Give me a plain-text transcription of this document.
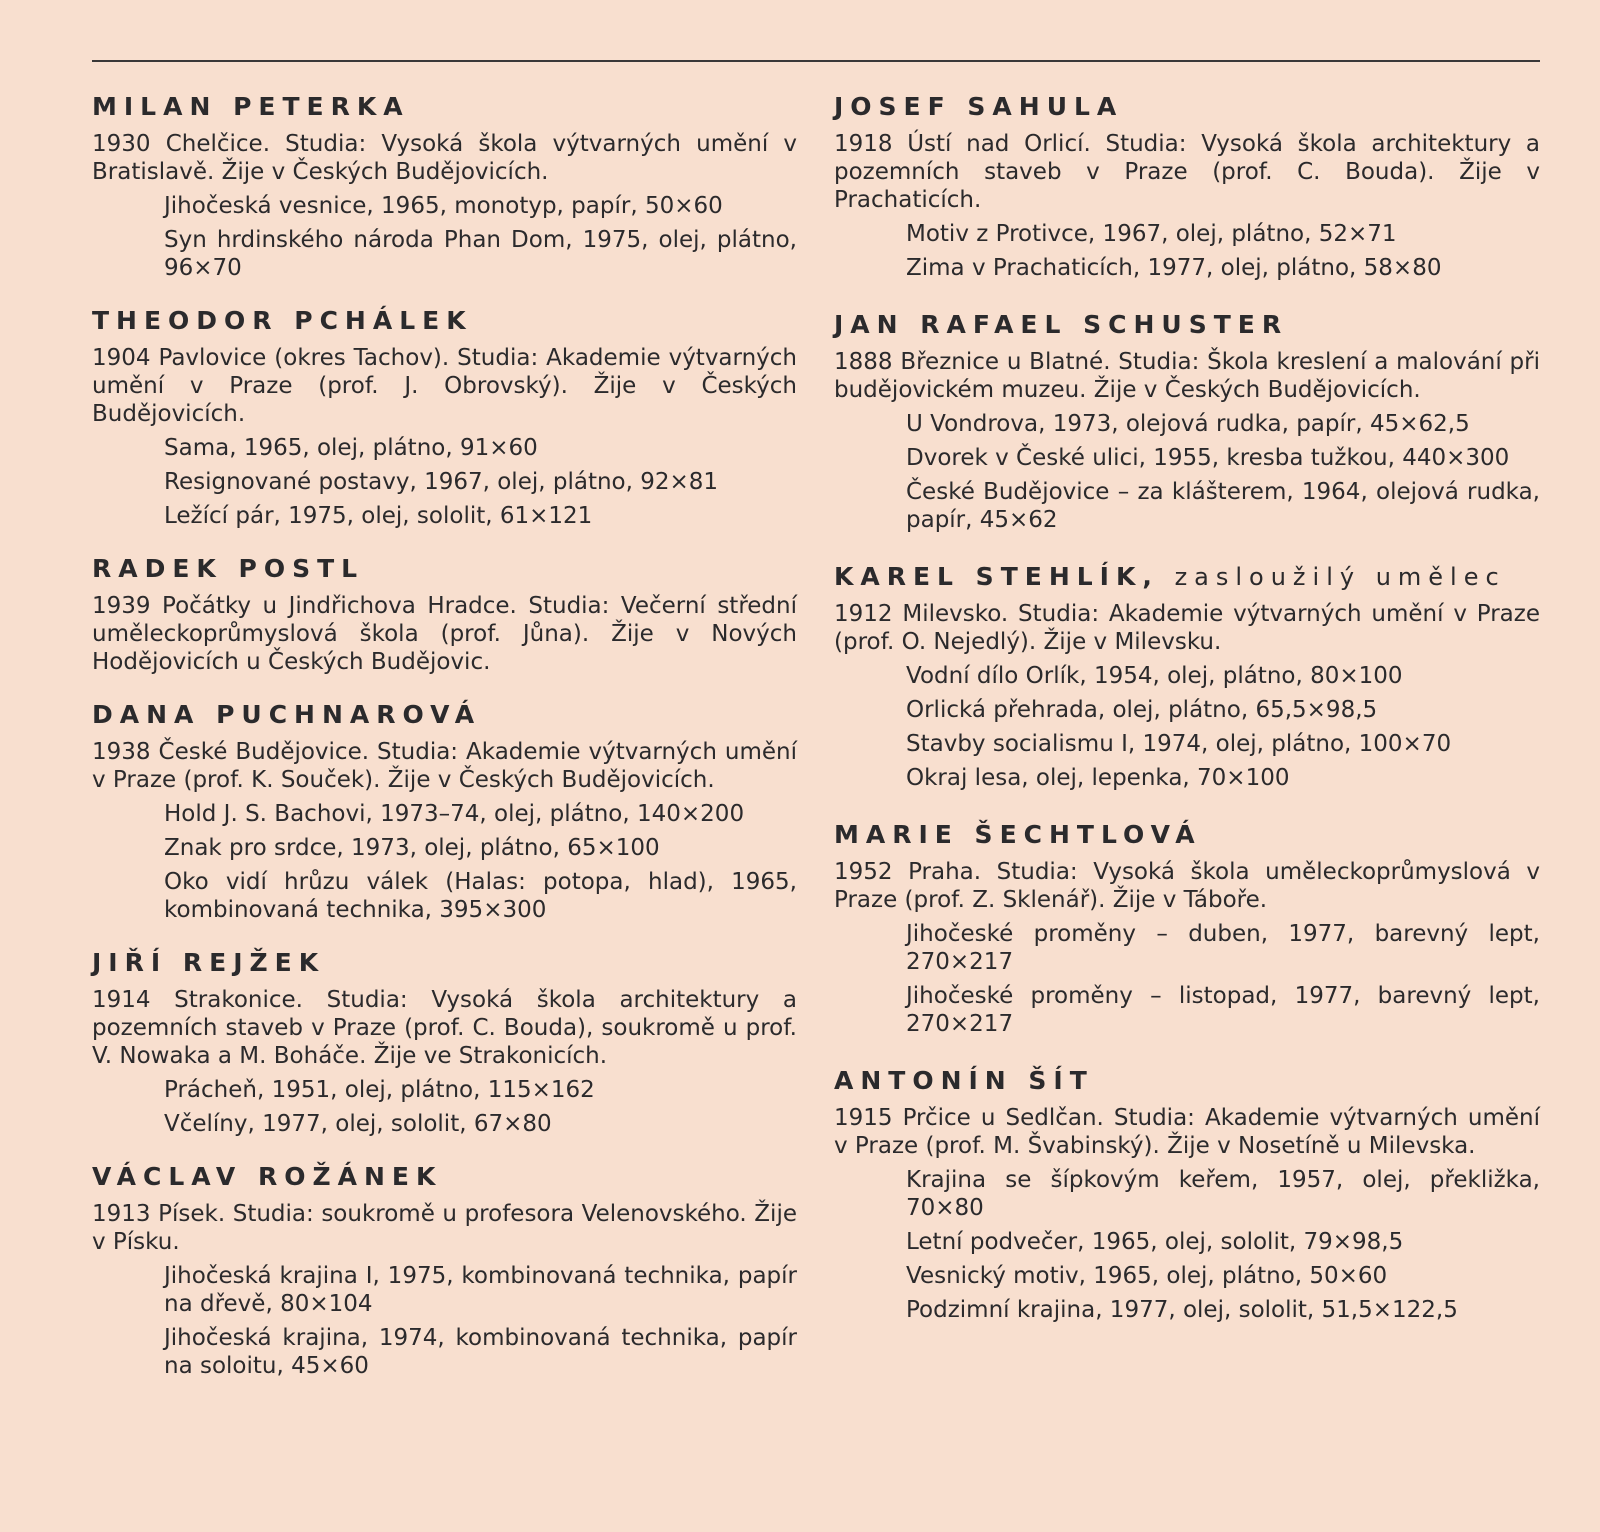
MILAN PETERKA

1930 Chelčice. Studia: Vysoká škola výtvarných umění v Bratislavě. Žije v Českých Budějovicích.

Jihočeská vesnice, 1965, monotyp, papír, 50×60
Syn hrdinského národa Phan Dom, 1975, olej, plátno, 96×70
THEODOR PCHÁLEK

1904 Pavlovice (okres Tachov). Studia: Akademie výtvarných umění v Praze (prof. J. Obrovský). Žije v Českých Budějovicích.

Sama, 1965, olej, plátno, 91×60
Resignované postavy, 1967, olej, plátno, 92×81
Ležící pár, 1975, olej, sololit, 61×121
RADEK POSTL

1939 Počátky u Jindřichova Hradce. Studia: Večerní střední uměleckoprůmyslová škola (prof. Jůna). Žije v Nových Hodějovicích u Českých Budějovic.

DANA PUCHNAROVÁ

1938 České Budějovice. Studia: Akademie výtvarných umění v Praze (prof. K. Souček). Žije v Českých Budějovicích.

Hold J. S. Bachovi, 1973–74, olej, plátno, 140×200
Znak pro srdce, 1973, olej, plátno, 65×100
Oko vidí hrůzu válek (Halas: potopa, hlad), 1965, kombinovaná technika, 395×300
JIŘÍ REJŽEK

1914 Strakonice. Studia: Vysoká škola architektury a pozemních staveb v Praze (prof. C. Bouda), soukromě u prof. V. Nowaka a M. Boháče. Žije ve Strakonicích.

Prácheň, 1951, olej, plátno, 115×162
Včelíny, 1977, olej, sololit, 67×80
VÁCLAV ROŽÁNEK

1913 Písek. Studia: soukromě u profesora Velenovského. Žije v Písku.

Jihočeská krajina I, 1975, kombinovaná technika, papír na dřevě, 80×104
Jihočeská krajina, 1974, kombinovaná technika, papír na soloitu, 45×60
JOSEF SAHULA

1918 Ústí nad Orlicí. Studia: Vysoká škola architektury a pozemních staveb v Praze (prof. C. Bouda). Žije v Prachaticích.

Motiv z Protivce, 1967, olej, plátno, 52×71
Zima v Prachaticích, 1977, olej, plátno, 58×80
JAN RAFAEL SCHUSTER

1888 Březnice u Blatné. Studia: Škola kreslení a malování při budějovickém muzeu. Žije v Českých Budějovicích.

U Vondrova, 1973, olejová rudka, papír, 45×62,5
Dvorek v České ulici, 1955, kresba tužkou, 440×300
České Budějovice – za klášterem, 1964, olejová rudka, papír, 45×62
KAREL STEHLÍK, zasloužilý umělec

1912 Milevsko. Studia: Akademie výtvarných umění v Praze (prof. O. Nejedlý). Žije v Milevsku.

Vodní dílo Orlík, 1954, olej, plátno, 80×100
Orlická přehrada, olej, plátno, 65,5×98,5
Stavby socialismu I, 1974, olej, plátno, 100×70
Okraj lesa, olej, lepenka, 70×100
MARIE ŠECHTLOVÁ

1952 Praha. Studia: Vysoká škola uměleckoprůmyslová v Praze (prof. Z. Sklenář). Žije v Táboře.

Jihočeské proměny – duben, 1977, barevný lept, 270×217
Jihočeské proměny – listopad, 1977, barevný lept, 270×217
ANTONÍN ŠÍT

1915 Prčice u Sedlčan. Studia: Akademie výtvarných umění v Praze (prof. M. Švabinský). Žije v Nosetíně u Milevska.

Krajina se šípkovým keřem, 1957, olej, překližka, 70×80
Letní podvečer, 1965, olej, sololit, 79×98,5
Vesnický motiv, 1965, olej, plátno, 50×60
Podzimní krajina, 1977, olej, sololit, 51,5×122,5
